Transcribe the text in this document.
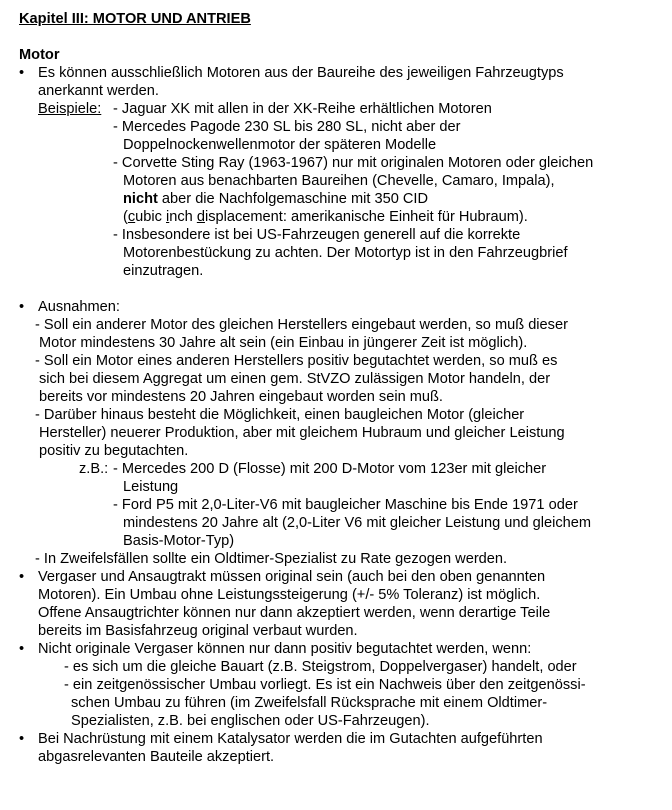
Kapitel III: MOTOR UND ANTRIEB
Motor
• Es können ausschließlich Motoren aus der Baureihe des jeweiligen Fahrzeugtyps
anerkannt werden.
Beispiele: - Jaguar XK mit allen in der XK-Reihe erhältlichen Motoren
- Mercedes Pagode 230 SL bis 280 SL, nicht aber der
Doppelnockenwellenmotor der späteren Modelle
- Corvette Sting Ray (1963-1967) nur mit originalen Motoren oder gleichen
Motoren aus benachbarten Baureihen (Chevelle, Camaro, Impala),
nicht aber die Nachfolgemaschine mit 350 CID
(cubic inch displacement: amerikanische Einheit für Hubraum).
- Insbesondere ist bei US-Fahrzeugen generell auf die korrekte
Motorenbestückung zu achten. Der Motortyp ist in den Fahrzeugbrief
einzutragen.
• Ausnahmen:
- Soll ein anderer Motor des gleichen Herstellers eingebaut werden, so muß dieser
Motor mindestens 30 Jahre alt sein (ein Einbau in jüngerer Zeit ist möglich).
- Soll ein Motor eines anderen Herstellers positiv begutachtet werden, so muß es
sich bei diesem Aggregat um einen gem. StVZO zulässigen Motor handeln, der
bereits vor mindestens 20 Jahren eingebaut worden sein muß.
- Darüber hinaus besteht die Möglichkeit, einen baugleichen Motor (gleicher
Hersteller) neuerer Produktion, aber mit gleichem Hubraum und gleicher Leistung
positiv zu begutachten.
z.B.: - Mercedes 200 D (Flosse) mit 200 D-Motor vom 123er mit gleicher
Leistung
- Ford P5 mit 2,0-Liter-V6 mit baugleicher Maschine bis Ende 1971 oder
mindestens 20 Jahre alt (2,0-Liter V6 mit gleicher Leistung und gleichem
Basis-Motor-Typ)
- In Zweifelsfällen sollte ein Oldtimer-Spezialist zu Rate gezogen werden.
• Vergaser und Ansaugtrakt müssen original sein (auch bei den oben genannten
Motoren). Ein Umbau ohne Leistungssteigerung (+/- 5% Toleranz) ist möglich.
Offene Ansaugtrichter können nur dann akzeptiert werden, wenn derartige Teile
bereits im Basisfahrzeug original verbaut wurden.
• Nicht originale Vergaser können nur dann positiv begutachtet werden, wenn:
- es sich um die gleiche Bauart (z.B. Steigstrom, Doppelvergaser) handelt, oder
- ein zeitgenössischer Umbau vorliegt. Es ist ein Nachweis über den zeitgenössi-
schen Umbau zu führen (im Zweifelsfall Rücksprache mit einem Oldtimer-
Spezialisten, z.B. bei englischen oder US-Fahrzeugen).
• Bei Nachrüstung mit einem Katalysator werden die im Gutachten aufgeführten
abgasrelevanten Bauteile akzeptiert.
